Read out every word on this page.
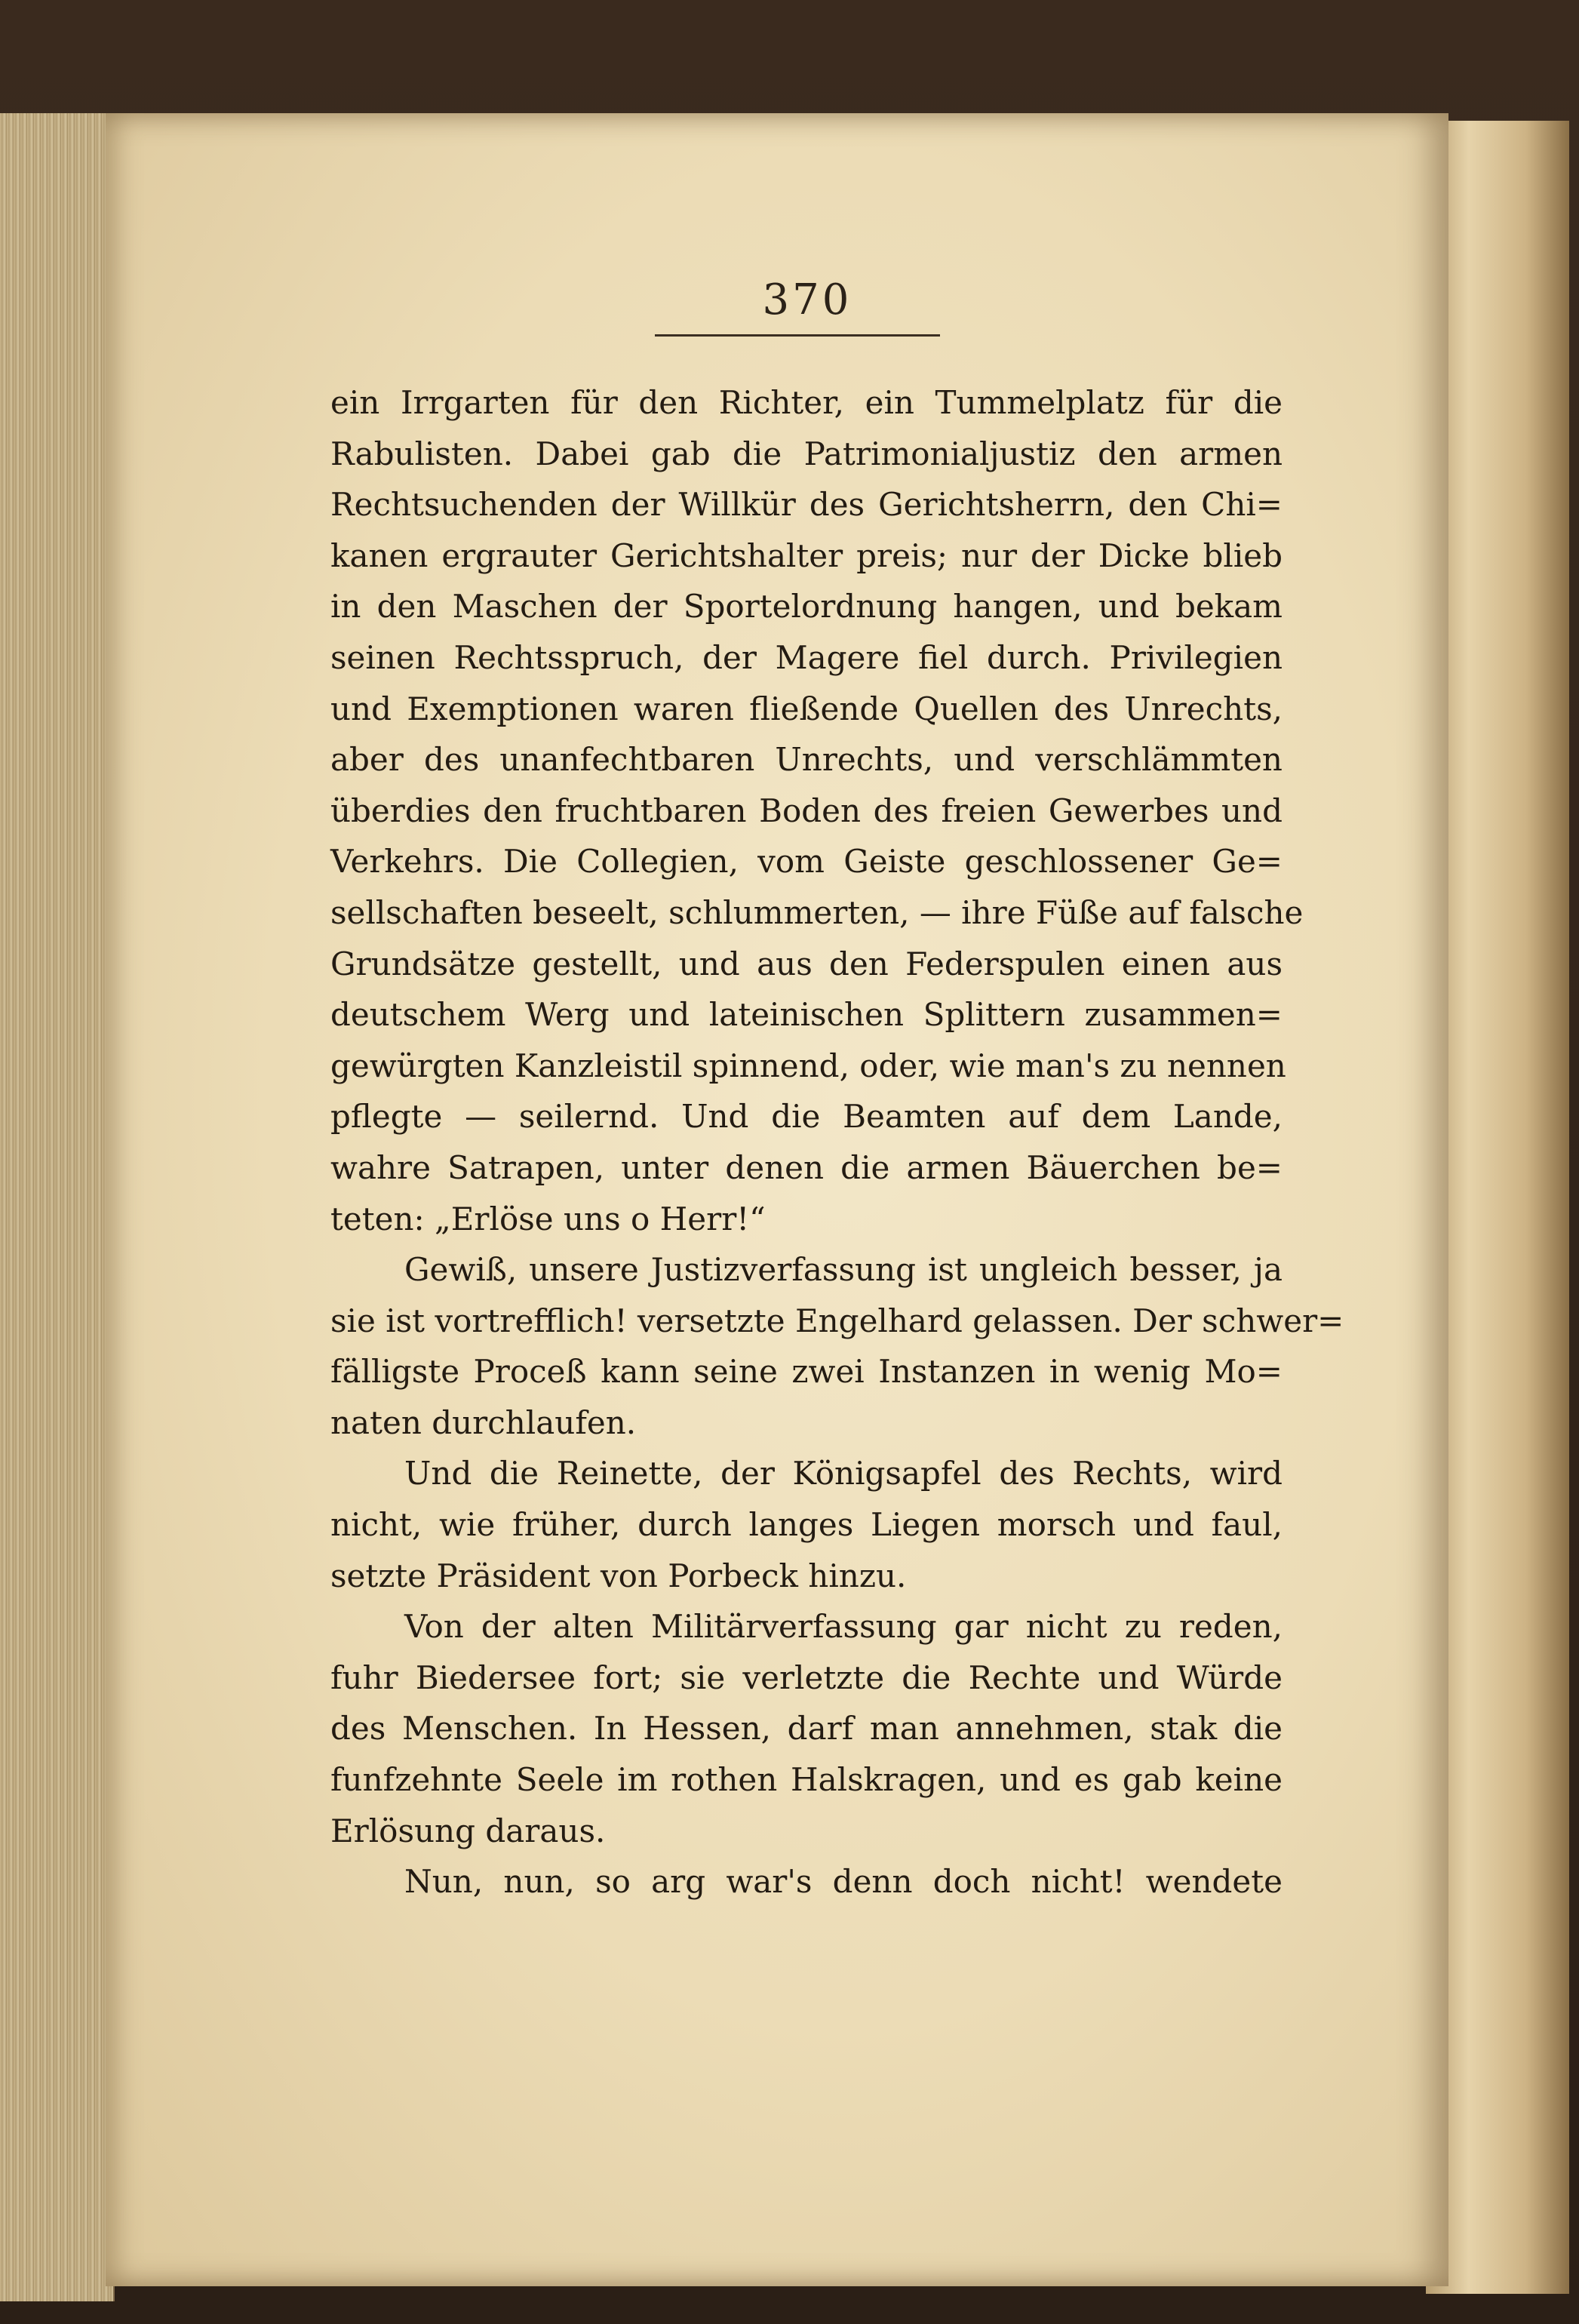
370
ein Irrgarten für den Richter, ein Tummelplatz für die
Rabulisten. Dabei gab die Patrimonialjustiz den armen
Rechtsuchenden der Willkür des Gerichtsherrn, den Chi=
kanen ergrauter Gerichtshalter preis; nur der Dicke blieb
in den Maschen der Sportelordnung hangen, und bekam
seinen Rechtsspruch, der Magere fiel durch. Privilegien
und Exemptionen waren fließende Quellen des Unrechts,
aber des unanfechtbaren Unrechts, und verschlämmten
überdies den fruchtbaren Boden des freien Gewerbes und
Verkehrs. Die Collegien, vom Geiste geschlossener Ge=
sellschaften beseelt, schlummerten, — ihre Füße auf falsche
Grundsätze gestellt, und aus den Federspulen einen aus
deutschem Werg und lateinischen Splittern zusammen=
gewürgten Kanzleistil spinnend, oder, wie man's zu nennen
pflegte — seilernd. Und die Beamten auf dem Lande,
wahre Satrapen, unter denen die armen Bäuerchen be=
teten: „Erlöse uns o Herr!“
Gewiß, unsere Justizverfassung ist ungleich besser, ja
sie ist vortrefflich! versetzte Engelhard gelassen. Der schwer=
fälligste Proceß kann seine zwei Instanzen in wenig Mo=
naten durchlaufen.
Und die Reinette, der Königsapfel des Rechts, wird
nicht, wie früher, durch langes Liegen morsch und faul,
setzte Präsident von Porbeck hinzu.
Von der alten Militärverfassung gar nicht zu reden,
fuhr Biedersee fort; sie verletzte die Rechte und Würde
des Menschen. In Hessen, darf man annehmen, stak die
funfzehnte Seele im rothen Halskragen, und es gab keine
Erlösung daraus.
Nun, nun, so arg war's denn doch nicht! wendete
